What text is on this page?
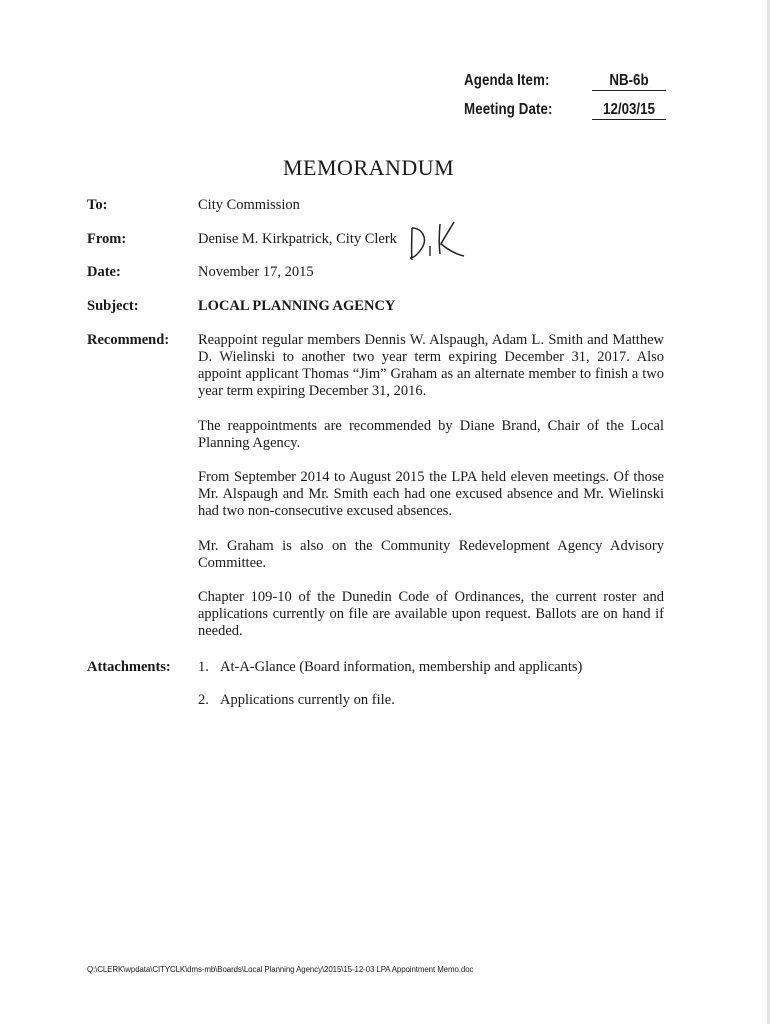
Agenda Item:	NB-6b
Meeting Date:	12/03/15
MEMORANDUM
To:	City Commission
From:	Denise M. Kirkpatrick, City Clerk
Date:	November 17, 2015
Subject:	LOCAL PLANNING AGENCY
Recommend: Reappoint regular members Dennis W. Alspaugh, Adam L. Smith and Matthew D. Wielinski to another two year term expiring December 31, 2017. Also appoint applicant Thomas “Jim” Graham as an alternate member to finish a two year term expiring December 31, 2016.
The reappointments are recommended by Diane Brand, Chair of the Local Planning Agency.
From September 2014 to August 2015 the LPA held eleven meetings. Of those Mr. Alspaugh and Mr. Smith each had one excused absence and Mr. Wielinski had two non-consecutive excused absences.
Mr. Graham is also on the Community Redevelopment Agency Advisory Committee.
Chapter 109-10 of the Dunedin Code of Ordinances, the current roster and applications currently on file are available upon request. Ballots are on hand if needed.
Attachments: 1. At-A-Glance (Board information, membership and applicants)
2. Applications currently on file.
Q:\CLERK\wpdata\CITYCLK\dms-mb\Boards\Local Planning Agency\2015\15-12-03 LPA Appointment Memo.doc
